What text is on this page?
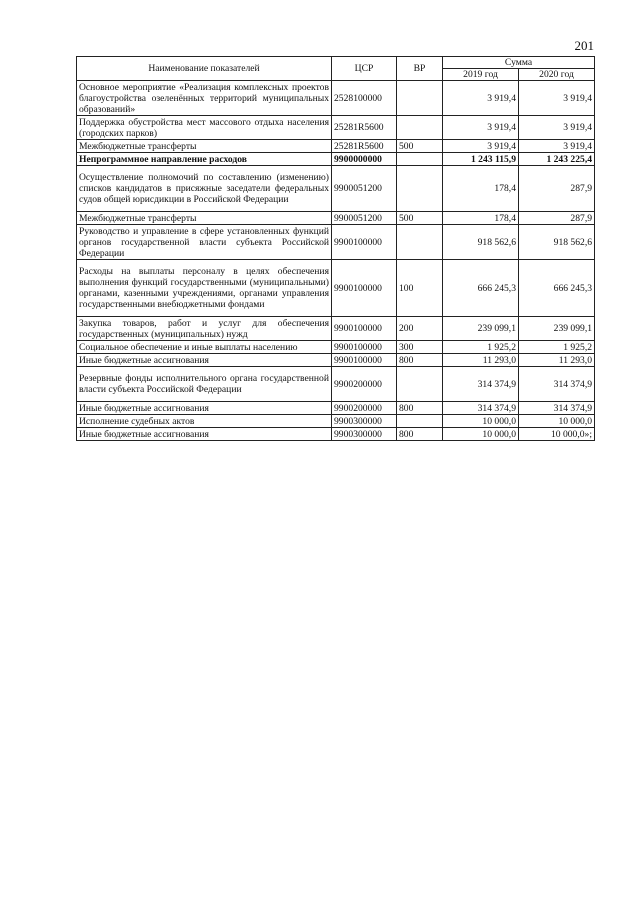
201
Наименование показателей	ЦСР	ВР	Сумма	
			2019 год	2020 год
Основное мероприятие «Реализация комплексных проектов благоустройства озеленённых территорий муниципальных образований»	2528100000		3 919,4	3 919,4
Поддержка обустройства мест массового отдыха населения (городских парков)	25281R5600		3 919,4	3 919,4
Межбюджетные трансферты	25281R5600	500	3 919,4	3 919,4
Непрограммное направление расходов	9900000000		1 243 115,9	1 243 225,4
Осуществление полномочий по составлению (изменению) списков кандидатов в присяжные заседатели федеральных судов общей юрисдикции в Российской Федерации	9900051200		178,4	287,9
Межбюджетные трансферты	9900051200	500	178,4	287,9
Руководство и управление в сфере установленных функций органов государственной власти субъекта Российской Федерации	9900100000		918 562,6	918 562,6
Расходы на выплаты персоналу в целях обеспечения выполнения функций государственными (муниципальными) органами, казенными учреждениями, органами управления государственными внебюджетными фондами	9900100000	100	666 245,3	666 245,3
Закупка товаров, работ и услуг для обеспечения государственных (муниципальных) нужд	9900100000	200	239 099,1	239 099,1
Социальное обеспечение и иные выплаты населению	9900100000	300	1 925,2	1 925,2
Иные бюджетные ассигнования	9900100000	800	11 293,0	11 293,0
Резервные фонды исполнительного органа государственной власти субъекта Российской Федерации	9900200000		314 374,9	314 374,9
Иные бюджетные ассигнования	9900200000	800	314 374,9	314 374,9
Исполнение судебных актов	9900300000		10 000,0	10 000,0
Иные бюджетные ассигнования	9900300000	800	10 000,0	10 000,0»;
